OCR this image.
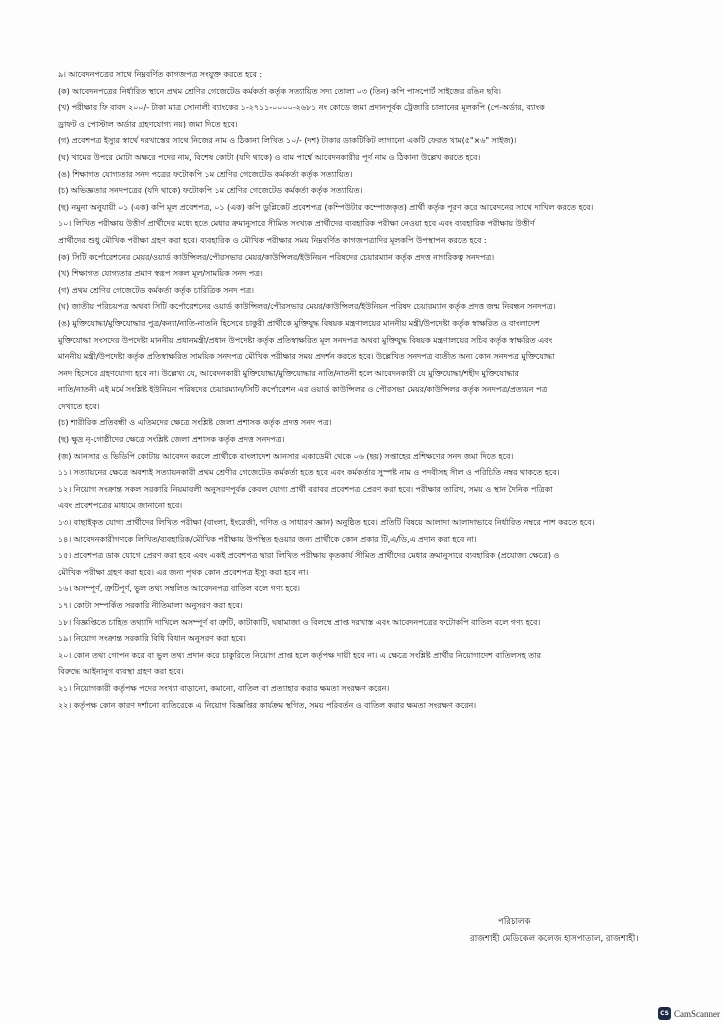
৯। আবেদনপত্রের সাথে নিম্নবর্ণিত কাগজপত্র সংযুক্ত করতে হবে :
(ক) আবেদনপত্রের নির্ধারিত স্থানে প্রথম শ্রেণির গেজেটেড কর্মকর্তা কর্তৃক সত্যায়িত সদ্য তোলা ০৩ (তিন) কপি পাসপোর্ট সাইজের রঙিন ছবি।
(খ) পরীক্ষার ফি বাবদ ২০০/- টাকা মাত্র সোনালী ব্যাংকের ১-২৭১১-০০০০-২৬৮১ নং কোডে জমা প্রদানপূর্বক ট্রেজারি চালানের মূলকপি (পে-অর্ডার, ব্যাংক
ড্রাফট ও পোস্টাল অর্ডার গ্রহণযোগ্য নয়) জমা দিতে হবে।
(গ) প্রবেশপত্র ইস্যুর স্বার্থে দরখাস্তের সাথে নিজের নাম ও ঠিকানা লিখিত ১০/- (দশ) টাকার ডাকটিকিট লাগানো একটি ফেরত খাম(৫"×৬" সাইজ)।
(ঘ) খামের উপরে মোটা অক্ষরে পদের নাম, বিশেষ কোটা (যদি থাকে) ও বাম পার্শ্বে আবেদনকারীর পূর্ণ নাম ও ঠিকানা উল্লেখ করতে হবে।
(ঙ) শিক্ষাগত যোগ্যতার সনদ পত্রের ফটোকপি ১ম শ্রেণির গেজেটেড কর্মকর্তা কর্তৃক সত্যায়িত।
(চ) অভিজ্ঞতার সনদপত্রের (যদি থাকে) ফটোকপি ১ম শ্রেণির গেজেটেড কর্মকর্তা কর্তৃক সত্যায়িত।
(ছ) নমুনা অনুযায়ী ০১ (এক) কপি মূল প্রবেশপত্র, ০১ (এক) কপি ডুপ্লিকেট প্রবেশপত্র (কম্পিউটার কম্পোজকৃত) প্রার্থী কর্তৃক পূরণ করে আবেদনের সাথে দাখিল করতে হবে।
১০। লিখিত পরীক্ষায় উত্তীর্ণ প্রার্থীদের মধ্যে হতে মেধার ক্রমানুসারে সীমিত সংখ্যক প্রার্থীদের ব্যবহারিক পরীক্ষা নেওয়া হবে এবং ব্যবহারিক পরীক্ষায় উত্তীর্ণ
প্রার্থীদের শুধু মৌখিক পরীক্ষা গ্রহণ করা হবে। ব্যবহারিক ও মৌখিক পরীক্ষার সময় নিম্নবর্ণিত কাগজপত্রাদির মূলকপি উপস্থাপন করতে হবে :
(ক) সিটি কর্পোরেশনের মেয়র/ওয়ার্ড কাউন্সিলর/পৌরসভার মেয়র/কাউন্সিলর/ইউনিয়ন পরিষদের চেয়ারম্যান কর্তৃক প্রদত্ত নাগরিকত্ব সনদপত্র।
(খ) শিক্ষাগত যোগ্যতার প্রমাণ স্বরূপ সকল মূল/সাময়িক সনদ পত্র।
(গ) প্রথম শ্রেণির গেজেটেড কর্মকর্তা কর্তৃক চারিত্রিক সনদ পত্র।
(ঘ) জাতীয় পরিচয়পত্র অথবা সিটি কর্পোরেশনের ওয়ার্ড কাউন্সিলর/পৌরসভার মেয়র/কাউন্সিলর/ইউনিয়ন পরিষদ চেয়ারম্যান কর্তৃক প্রদত্ত জন্ম নিবন্ধন সনদপত্র।
(ঙ) মুক্তিযোদ্ধা/মুক্তিযোদ্ধার পুত্র/কন্যা/নাতি-নাতনি হিসেবে চাকুরী প্রার্থীকে মুক্তিযুদ্ধ বিষয়ক মন্ত্রণালয়ের মাননীয় মন্ত্রী/উপদেষ্টা কর্তৃক স্বাক্ষরিত ও বাংলাদেশ
মুক্তিযোদ্ধা সংসদের উপদেষ্টা মাননীয় প্রধানমন্ত্রী/প্রধান উপদেষ্টা কর্তৃক প্রতিস্বাক্ষরিত মূল সনদপত্র অথবা মুক্তিযুদ্ধ বিষয়ক মন্ত্রণালয়ের সচিব কর্তৃক স্বাক্ষরিত এবং
মাননীয় মন্ত্রী/উপদেষ্টা কর্তৃক প্রতিস্বাক্ষরিত সাময়িক সনদপত্র মৌখিক পরীক্ষার সময় প্রদর্শন করতে হবে। উল্লেখিত সনদপত্র ব্যতীত অন্য কোন সনদপত্র মুক্তিযোদ্ধা
সনদ হিসেবে গ্রহণযোগ্য হবে না। উল্লেখ্য যে, আবেদনকারী মুক্তিযোদ্ধা/মুক্তিযোদ্ধার নাতি/নাতনী হলে আবেদনকারী যে মুক্তিযোদ্ধা/শহীদ মুক্তিযোদ্ধার
নাতি/নাতনী এই মর্মে সংশ্লিষ্ট ইউনিয়ন পরিষদের চেয়ারম্যান/সিটি কর্পোরেশন এর ওয়ার্ড কাউন্সিলর ও পৌরসভা মেয়র/কাউন্সিলর কর্তৃক সনদপত্র/প্রত্যয়ন পত্র
দেখাতে হবে।
(চ) শারীরিক প্রতিবন্ধী ও এতিমদের ক্ষেত্রে সংশ্লিষ্ট জেলা প্রশাসক কর্তৃক প্রদত্ত সনদ পত্র।
(ছ) ক্ষুদ্র নৃ-গোষ্ঠীদের ক্ষেত্রে সংশ্লিষ্ট জেলা প্রশাসক কর্তৃক প্রদত্ত সনদপত্র।
(জ) আনসার ও ভিডিপি কোটায় আবেদন করলে প্রার্থীকে বাংলাদেশ আনসার একাডেমী থেকে ০৬ (ছয়) সপ্তাহের প্রশিক্ষণের সনদ জমা দিতে হবে।
১১। সত্যায়নের ক্ষেত্রে অবশ্যই সত্যায়নকারী প্রথম শ্রেণীর গেজেটেড কর্মকর্তা হতে হবে এবং কর্মকর্তার সুস্পষ্ট নাম ও পদবীসহ সীল ও পরিচিতি নম্বর থাকতে হবে।
১২। নিয়োগ সংক্রান্ত সকল সরকারি নিয়মাবলী অনুসরণপূর্বক কেবল যোগ্য প্রার্থী বরাবর প্রবেশপত্র প্রেরণ করা হবে। পরীক্ষার তারিখ, সময় ও স্থান দৈনিক পত্রিকা
এবং প্রবেশপত্রের মাধ্যমে জানানো হবে।
১৩। বাছাইকৃত যোগ্য প্রার্থীদের লিখিত পরীক্ষা (বাংলা, ইংরেজী, গণিত ও সাধারণ জ্ঞান) অনুষ্ঠিত হবে। প্রতিটি বিষয়ে আলাদা আলাদাভাবে নির্ধারিত নম্বরে পাশ করতে হবে।
১৪। আবেদনকারীগণকে লিখিত/ব্যবহারিক/মৌখিক পরীক্ষায় উপস্থিত হওয়ার জন্য প্রার্থীকে কোন প্রকার টি,এ/ডি,এ প্রদান করা হবে না।
১৫। প্রবেশপত্র ডাক যোগে প্রেরণ করা হবে এবং একই প্রবেশপত্র দ্বারা লিখিত পরীক্ষায় কৃতকার্য সীমিত প্রার্থীদের মেধার ক্রমানুসারে ব্যবহারিক (প্রযোজ্য ক্ষেত্রে) ও
মৌখিক পরীক্ষা গ্রহণ করা হবে। এর জন্য পৃথক কোন প্রবেশপত্র ইস্যু করা হবে না।
১৬। অসম্পূর্ণ, ত্রুটিপূর্ণ, ভুল তথ্য সম্বলিত আবেদনপত্র বাতিল বলে গণ্য হবে।
১৭। কোটা সম্পর্কিত সরকারি নীতিমালা অনুসরণ করা হবে।
১৮। বিজ্ঞপ্তিতে চাহিত তথ্যাদি দাখিলে অসম্পূর্ণ বা ত্রুটি, কাটাকাটি, ঘষামাজা ও বিলম্বে প্রাপ্ত দরখাস্ত এবং আবেদনপত্রের ফটোকপি বাতিল বলে গণ্য হবে।
১৯। নিয়োগ সংক্রান্ত সরকারি বিধি বিধান অনুসরণ করা হবে।
২০। কোন তথ্য গোপন করে বা ভুল তথ্য প্রদান করে চাকুরিতে নিয়োগ প্রাপ্ত হলে কর্তৃপক্ষ দায়ী হবে না। এ ক্ষেত্রে সংশ্লিষ্ট প্রার্থীর নিয়োগাদেশ বাতিলসহ তার
বিরুদ্ধে আইনানুগ ব্যবস্থা গ্রহণ করা হবে।
২১। নিয়োগকারী কর্তৃপক্ষ পদের সংখ্যা বাড়ানো, কমানো, বাতিল বা প্রত্যাহার করার ক্ষমতা সংরক্ষণ করেন।
২২। কর্তৃপক্ষ কোন কারণ দর্শানো ব্যতিরেকে এ নিয়োগ বিজ্ঞপ্তির কার্যক্রম স্থগিত, সময় পরিবর্তন ও বাতিল করার ক্ষমতা সংরক্ষণ করেন।
পরিচালক
রাজশাহী মেডিকেল কলেজ হাসপাতাল, রাজশাহী।
CS CamScanner
